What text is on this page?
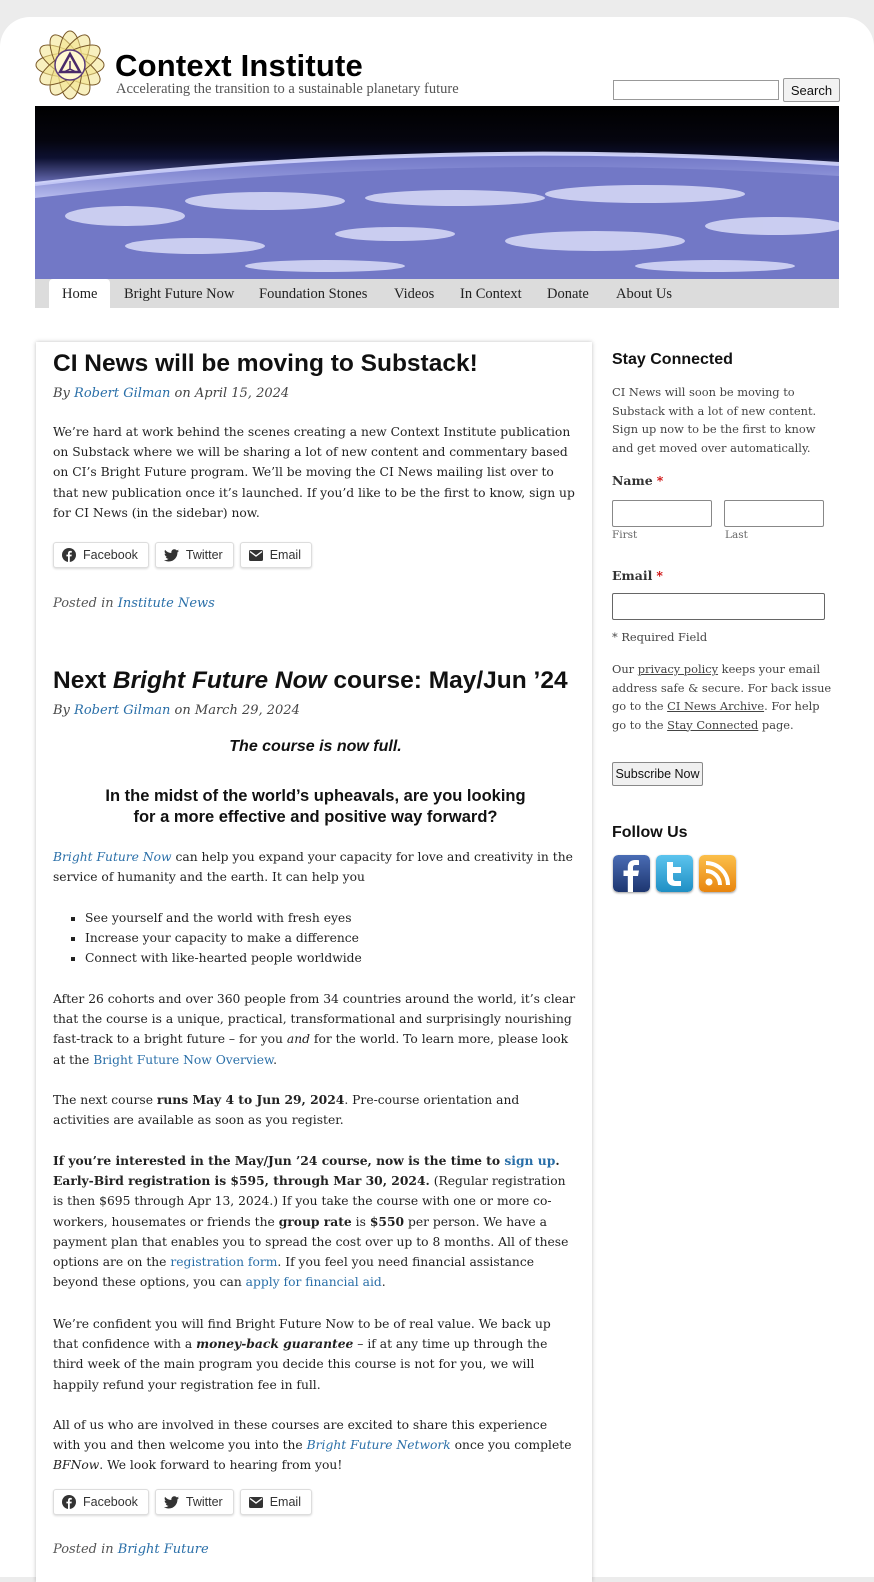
Context Institute
Accelerating the transition to a sustainable planetary future	Search
Home	Bright Future Now	Foundation Stones	Videos	In Context	Donate	About Us
CI News will be moving to Substack!
By Robert Gilman on April 15, 2024

We’re hard at work behind the scenes creating a new Context Institute publication on Substack where we will be sharing a lot of new content and commentary based on CI’s Bright Future program. We’ll be moving the CI News mailing list over to that new publication once it’s launched. If you’d like to be the first to know, sign up for CI News (in the sidebar) now.

Facebook	Twitter	Email
Posted in Institute News
Next Bright Future Now course: May/Jun ’24
By Robert Gilman on March 29, 2024
The course is now full.
In the midst of the world’s upheavals, are you looking
for a more effective and positive way forward?

Bright Future Now can help you expand your capacity for love and creativity in the service of humanity and the earth. It can help you

▪ See yourself and the world with fresh eyes
▪ Increase your capacity to make a difference
▪ Connect with like-hearted people worldwide

After 26 cohorts and over 360 people from 34 countries around the world, it’s clear that the course is a unique, practical, transformational and surprisingly nourishing fast-track to a bright future – for you and for the world. To learn more, please look at the Bright Future Now Overview.

The next course runs May 4 to Jun 29, 2024. Pre-course orientation and activities are available as soon as you register.

If you’re interested in the May/Jun ’24 course, now is the time to sign up. Early-Bird registration is $595, through Mar 30, 2024. (Regular registration is then $695 through Apr 13, 2024.) If you take the course with one or more co-workers, housemates or friends the group rate is $550 per person. We have a payment plan that enables you to spread the cost over up to 8 months. All of these options are on the registration form. If you feel you need financial assistance beyond these options, you can apply for financial aid.

We’re confident you will find Bright Future Now to be of real value. We back up that confidence with a money-back guarantee – if at any time up through the third week of the main program you decide this course is not for you, we will happily refund your registration fee in full.

All of us who are involved in these courses are excited to share this experience with you and then welcome you into the Bright Future Network once you complete BFNow. We look forward to hearing from you!

Facebook	Twitter	Email
Posted in Bright Future
Stay Connected
CI News will soon be moving to Substack with a lot of new content. Sign up now to be the first to know and get moved over automatically.
Name *
First	Last
Email *
* Required Field
Our privacy policy keeps your email address safe & secure. For back issue go to the CI News Archive. For help go to the Stay Connected page.
Subscribe Now
Follow Us
